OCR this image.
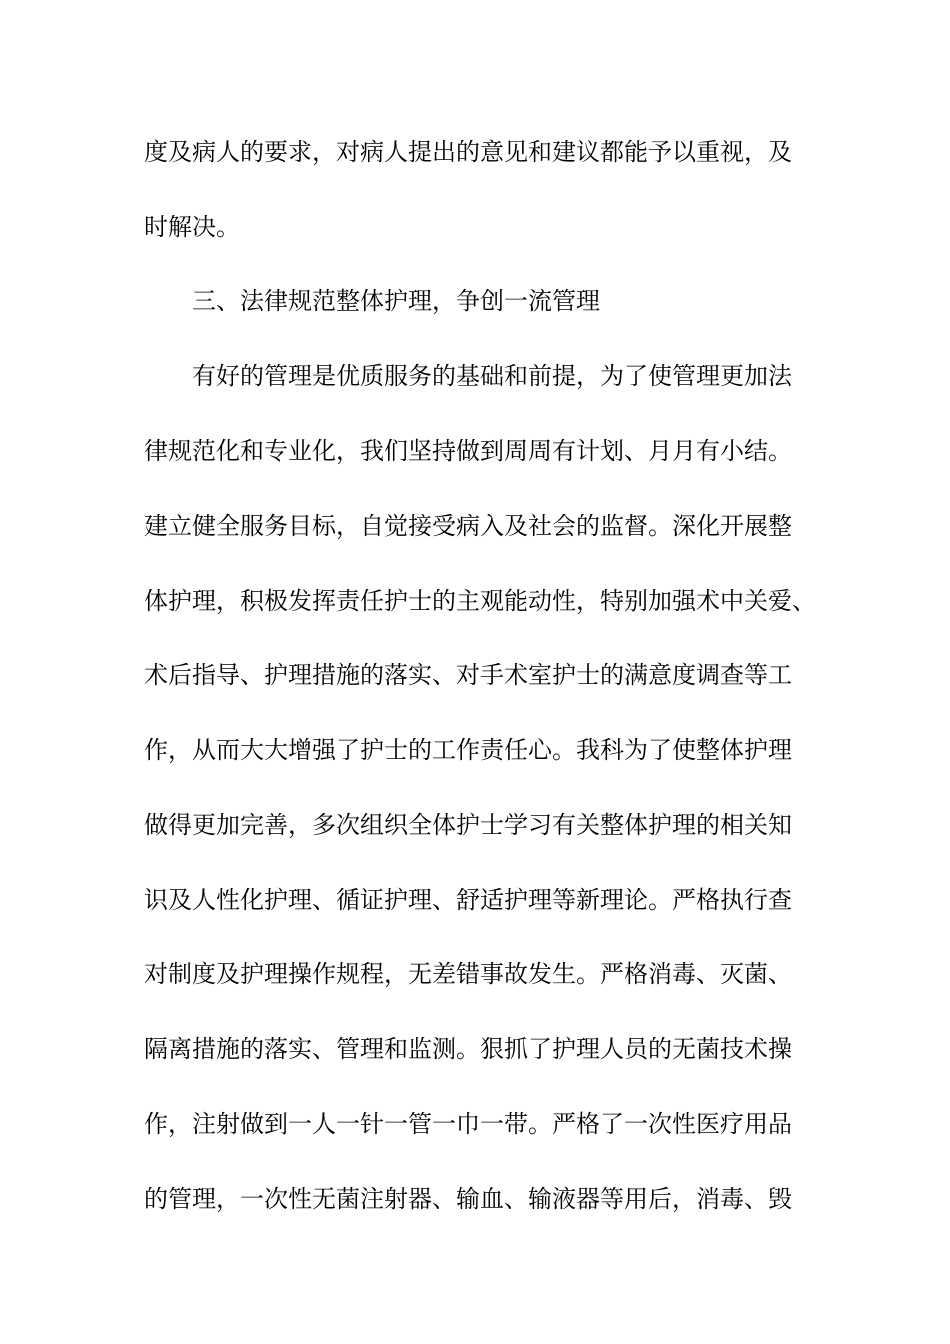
度及病人的要求，对病人提出的意见和建议都能予以重视，及
时解决。
三、法律规范整体护理，争创一流管理
有好的管理是优质服务的基础和前提，为了使管理更加法
律规范化和专业化，我们坚持做到周周有计划、月月有小结。
建立健全服务目标，自觉接受病入及社会的监督。深化开展整
体护理，积极发挥责任护士的主观能动性，特别加强术中关爱、
术后指导、护理措施的落实、对手术室护士的满意度调查等工
作，从而大大增强了护士的工作责任心。我科为了使整体护理
做得更加完善，多次组织全体护士学习有关整体护理的相关知
识及人性化护理、循证护理、舒适护理等新理论。严格执行查
对制度及护理操作规程，无差错事故发生。严格消毒、灭菌、
隔离措施的落实、管理和监测。狠抓了护理人员的无菌技术操
作，注射做到一人一针一管一巾一带。严格了一次性医疗用品
的管理，一次性无菌注射器、输血、输液器等用后，消毒、毁
